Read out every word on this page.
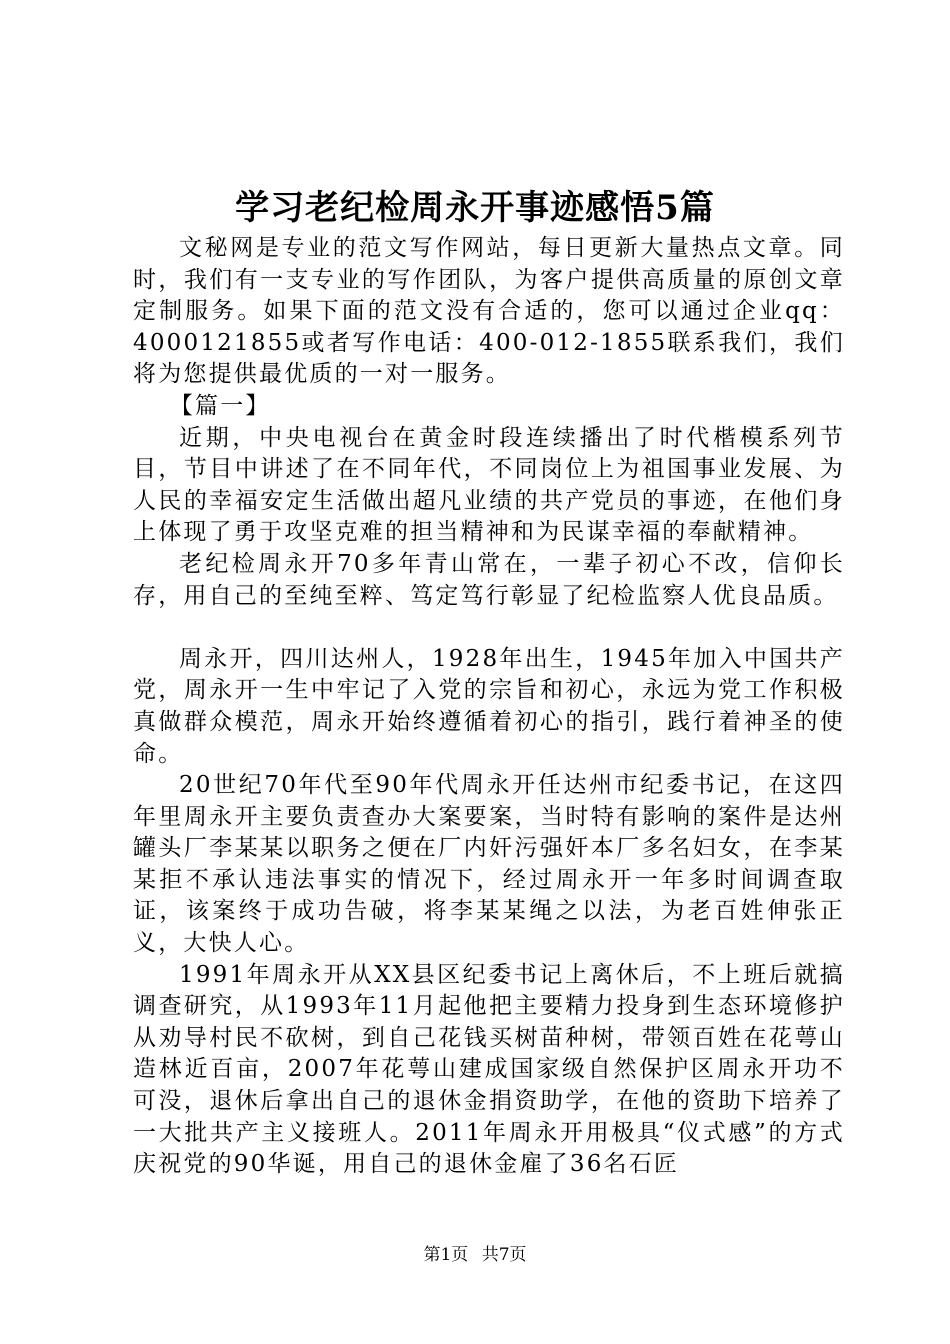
学习老纪检周永开事迹感悟5篇

文秘网是专业的范文写作网站，每日更新大量热点文章。同时，我们有一支专业的写作团队，为客户提供高质量的原创文章定制服务。如果下面的范文没有合适的，您可以通过企业qq：4000121855或者写作电话：400-012-1855联系我们，我们将为您提供最优质的一对一服务。

【篇一】

近期，中央电视台在黄金时段连续播出了时代楷模系列节目，节目中讲述了在不同年代，不同岗位上为祖国事业发展、为人民的幸福安定生活做出超凡业绩的共产党员的事迹，在他们身上体现了勇于攻坚克难的担当精神和为民谋幸福的奉献精神。

老纪检周永开70多年青山常在，一辈子初心不改，信仰长存，用自己的至纯至粹、笃定笃行彰显了纪检监察人优良品质。

周永开，四川达州人，1928年出生，1945年加入中国共产党，周永开一生中牢记了入党的宗旨和初心，永远为党工作积极真做群众模范，周永开始终遵循着初心的指引，践行着神圣的使命。

20世纪70年代至90年代周永开任达州市纪委书记，在这四年里周永开主要负责查办大案要案，当时特有影响的案件是达州罐头厂李某某以职务之便在厂内奸污强奸本厂多名妇女，在李某某拒不承认违法事实的情况下，经过周永开一年多时间调查取证，该案终于成功告破，将李某某绳之以法，为老百姓伸张正义，大快人心。

1991年周永开从XX县区纪委书记上离休后，不上班后就搞调查研究，从1993年11月起他把主要精力投身到生态环境修护从劝导村民不砍树，到自己花钱买树苗种树，带领百姓在花萼山造林近百亩，2007年花萼山建成国家级自然保护区周永开功不可没，退休后拿出自己的退休金捐资助学，在他的资助下培养了一大批共产主义接班人。2011年周永开用极具“仪式感”的方式庆祝党的90华诞，用自己的退休金雇了36名石匠

第1页 共7页
